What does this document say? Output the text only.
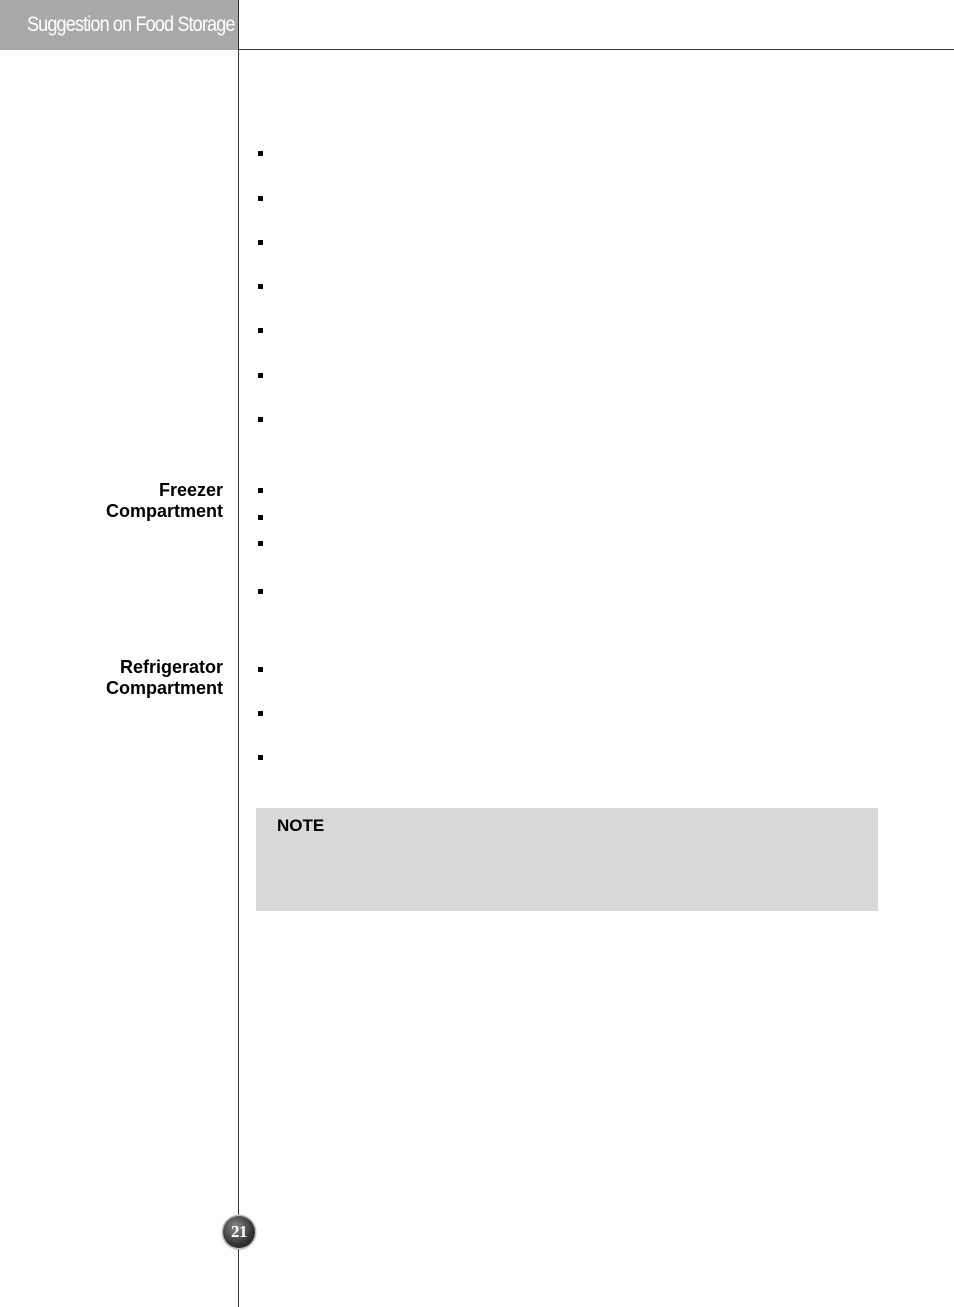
Suggestion on Food Storage
Freezer
Compartment
Refrigerator
Compartment
NOTE
21
